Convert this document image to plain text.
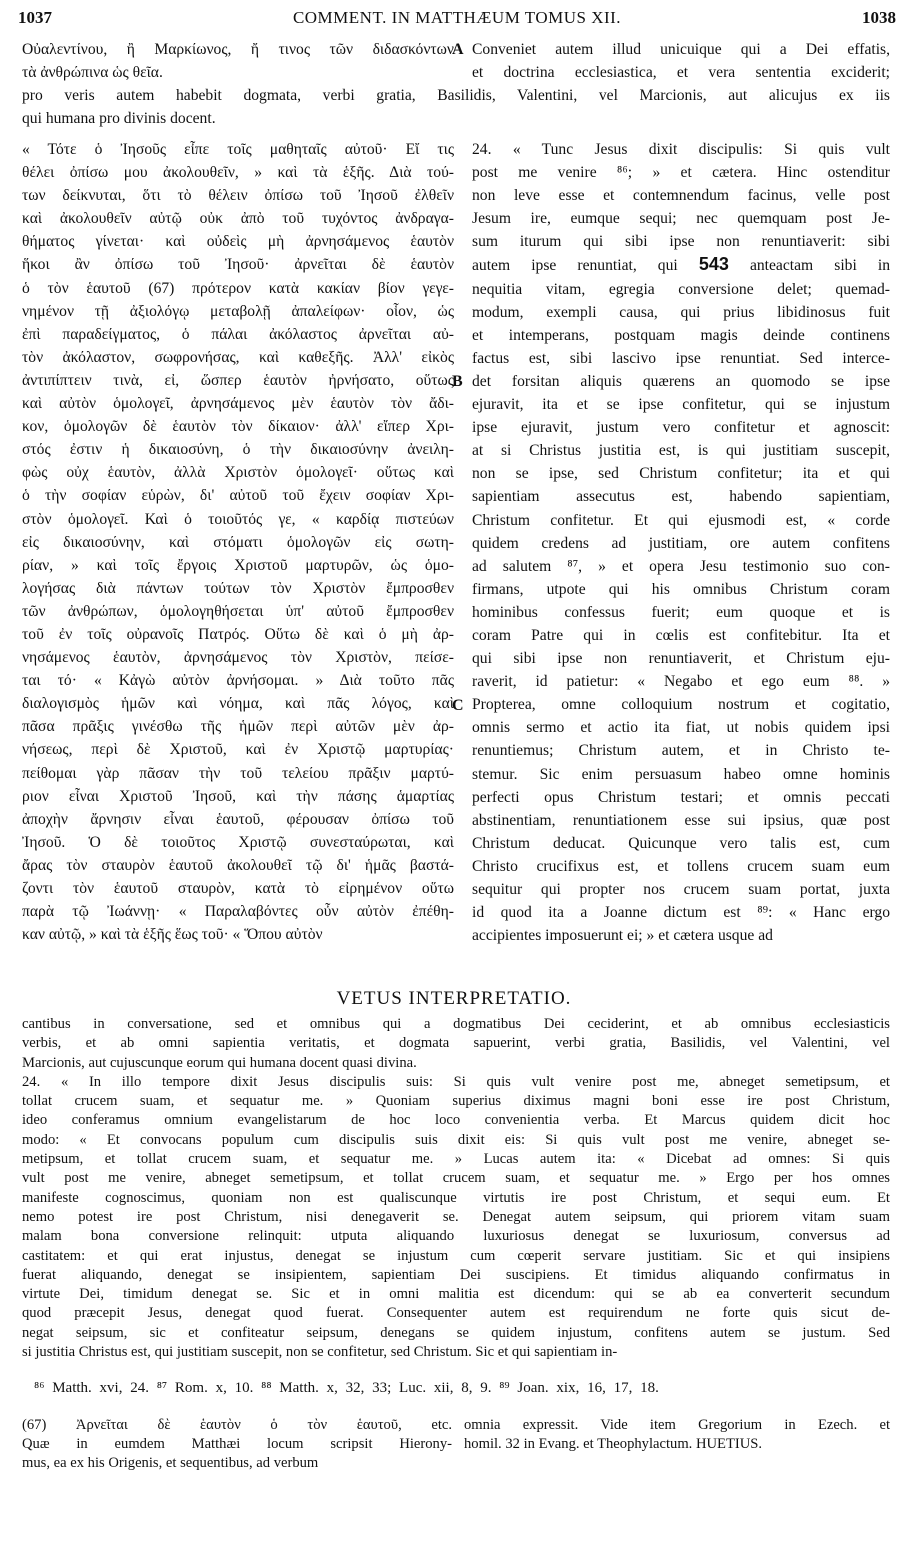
1037	COMMENT. IN MATTHÆUM TOMUS XII.	1038
A
B
C
Οὐαλεντίνου, ἢ Μαρκίωνος, ἤ τινος τῶν διδασκόντων
τὰ ἀνθρώπινα ὡς θεῖα.
Conveniet autem illud unicuique qui a Dei effatis,
et doctrina ecclesiastica, et vera sententia exciderit;
pro veris autem habebit dogmata, verbi gratia, Basilidis, Valentini, vel Marcionis, aut alicujus ex iis
qui humana pro divinis docent.
« Τότε ὁ Ἰησοῦς εἶπε τοῖς μαθηταῖς αὐτοῦ· Εἴ τις
θέλει ὀπίσω μου ἀκολουθεῖν, » καὶ τὰ ἑξῆς. Διὰ τού-
των δείκνυται, ὅτι τὸ θέλειν ὀπίσω τοῦ Ἰησοῦ ἐλθεῖν
καὶ ἀκολουθεῖν αὐτῷ οὐκ ἀπὸ τοῦ τυχόντος ἀνδραγα-
θήματος γίνεται· καὶ οὐδεὶς μὴ ἀρνησάμενος ἑαυτὸν
ἥκοι ἂν ὀπίσω τοῦ Ἰησοῦ· ἀρνεῖται δὲ ἑαυτὸν
ὁ τὸν ἑαυτοῦ (67) πρότερον κατὰ κακίαν βίον γεγε-
νημένον τῇ ἀξιολόγῳ μεταβολῇ ἀπαλείφων· οἷον, ὡς
ἐπὶ παραδείγματος, ὁ πάλαι ἀκόλαστος ἀρνεῖται αὐ-
τὸν ἀκόλαστον, σωφρονήσας, καὶ καθεξῆς. Ἀλλ' εἰκὸς
ἀντιπίπτειν τινὰ, εἰ, ὥσπερ ἑαυτὸν ἠρνήσατο, οὕτως
καὶ αὐτὸν ὁμολογεῖ, ἀρνησάμενος μὲν ἑαυτὸν τὸν ἄδι-
κον, ὁμολογῶν δὲ ἑαυτὸν τὸν δίκαιον· ἀλλ' εἴπερ Χρι-
στός ἐστιν ἡ δικαιοσύνη, ὁ τὴν δικαιοσύνην ἀνειλη-
φὼς οὐχ ἑαυτὸν, ἀλλὰ Χριστὸν ὁμολογεῖ· οὕτως καὶ
ὁ τὴν σοφίαν εὑρὼν, δι' αὐτοῦ τοῦ ἔχειν σοφίαν Χρι-
στὸν ὁμολογεῖ. Καὶ ὁ τοιοῦτός γε, « καρδίᾳ πιστεύων
εἰς δικαιοσύνην, καὶ στόματι ὁμολογῶν εἰς σωτη-
ρίαν, » καὶ τοῖς ἔργοις Χριστοῦ μαρτυρῶν, ὡς ὁμο-
λογήσας διὰ πάντων τούτων τὸν Χριστὸν ἔμπροσθεν
τῶν ἀνθρώπων, ὁμολογηθήσεται ὑπ' αὐτοῦ ἔμπροσθεν
τοῦ ἐν τοῖς οὐρανοῖς Πατρός. Οὕτω δὲ καὶ ὁ μὴ ἀρ-
νησάμενος ἑαυτὸν, ἀρνησάμενος τὸν Χριστὸν, πείσε-
ται τό· « Κἀγὼ αὐτὸν ἀρνήσομαι. » Διὰ τοῦτο πᾶς
διαλογισμὸς ἡμῶν καὶ νόημα, καὶ πᾶς λόγος, καὶ
πᾶσα πρᾶξις γινέσθω τῆς ἡμῶν περὶ αὐτῶν μὲν ἀρ-
νήσεως, περὶ δὲ Χριστοῦ, καὶ ἐν Χριστῷ μαρτυρίας·
πείθομαι γὰρ πᾶσαν τὴν τοῦ τελείου πρᾶξιν μαρτύ-
ριον εἶναι Χριστοῦ Ἰησοῦ, καὶ τὴν πάσης ἁμαρτίας
ἀποχὴν ἄρνησιν εἶναι ἑαυτοῦ, φέρουσαν ὀπίσω τοῦ
Ἰησοῦ. Ὁ δὲ τοιοῦτος Χριστῷ συνεσταύρωται, καὶ
ἄρας τὸν σταυρὸν ἑαυτοῦ ἀκολουθεῖ τῷ δι' ἡμᾶς βαστά-
ζοντι τὸν ἑαυτοῦ σταυρὸν, κατὰ τὸ εἰρημένον οὕτω
παρὰ τῷ Ἰωάννῃ· « Παραλαβόντες οὖν αὐτὸν ἐπέθη-
καν αὐτῷ, » καὶ τὰ ἑξῆς ἕως τοῦ· « Ὅπου αὐτὸν
24. « Tunc Jesus dixit discipulis: Si quis vult
post me venire ⁸⁶; » et cætera. Hinc ostenditur
non leve esse et contemnendum facinus, velle post
Jesum ire, eumque sequi; nec quemquam post Je-
sum iturum qui sibi ipse non renuntiaverit: sibi
autem ipse renuntiat, qui 543 anteactam sibi in
nequitia vitam, egregia conversione delet; quemad-
modum, exempli causa, qui prius libidinosus fuit
et intemperans, postquam magis deinde continens
factus est, sibi lascivo ipse renuntiat. Sed interce-
det forsitan aliquis quærens an quomodo se ipse
ejuravit, ita et se ipse confitetur, qui se injustum
ipse ejuravit, justum vero confitetur et agnoscit:
at si Christus justitia est, is qui justitiam suscepit,
non se ipse, sed Christum confitetur; ita et qui
sapientiam assecutus est, habendo sapientiam,
Christum confitetur. Et qui ejusmodi est, « corde
quidem credens ad justitiam, ore autem confitens
ad salutem ⁸⁷, » et opera Jesu testimonio suo con-
firmans, utpote qui his omnibus Christum coram
hominibus confessus fuerit; eum quoque et is
coram Patre qui in cœlis est confitebitur. Ita et
qui sibi ipse non renuntiaverit, et Christum eju-
raverit, id patietur: « Negabo et ego eum ⁸⁸. »
Propterea, omne colloquium nostrum et cogitatio,
omnis sermo et actio ita fiat, ut nobis quidem ipsi
renuntiemus; Christum autem, et in Christo te-
stemur. Sic enim persuasum habeo omne hominis
perfecti opus Christum testari; et omnis peccati
abstinentiam, renuntiationem esse sui ipsius, quæ post
Christum deducat. Quicunque vero talis est, cum
Christo crucifixus est, et tollens crucem suam eum
sequitur qui propter nos crucem suam portat, juxta
id quod ita a Joanne dictum est ⁸⁹: « Hanc ergo
accipientes imposuerunt ei; » et cætera usque ad
VETUS INTERPRETATIO.
cantibus in conversatione, sed et omnibus qui a dogmatibus Dei ceciderint, et ab omnibus ecclesiasticis
verbis, et ab omni sapientia veritatis, et dogmata sapuerint, verbi gratia, Basilidis, vel Valentini, vel
Marcionis, aut cujuscunque eorum qui humana docent quasi divina.
24. « In illo tempore dixit Jesus discipulis suis: Si quis vult venire post me, abneget semetipsum, et
tollat crucem suam, et sequatur me. » Quoniam superius diximus magni boni esse ire post Christum,
ideo conferamus omnium evangelistarum de hoc loco convenientia verba. Et Marcus quidem dicit hoc
modo: « Et convocans populum cum discipulis suis dixit eis: Si quis vult post me venire, abneget se-
metipsum, et tollat crucem suam, et sequatur me. » Lucas autem ita: « Dicebat ad omnes: Si quis
vult post me venire, abneget semetipsum, et tollat crucem suam, et sequatur me. » Ergo per hos omnes
manifeste cognoscimus, quoniam non est qualiscunque virtutis ire post Christum, et sequi eum. Et
nemo potest ire post Christum, nisi denegaverit se. Denegat autem seipsum, qui priorem vitam suam
malam bona conversione relinquit: utputa aliquando luxuriosus denegat se luxuriosum, conversus ad
castitatem: et qui erat injustus, denegat se injustum cum cœperit servare justitiam. Sic et qui insipiens
fuerat aliquando, denegat se insipientem, sapientiam Dei suscipiens. Et timidus aliquando confirmatus in
virtute Dei, timidum denegat se. Sic et in omni malitia est dicendum: qui se ab ea converterit secundum
quod præcepit Jesus, denegat quod fuerat. Consequenter autem est requirendum ne forte quis sicut de-
negat seipsum, sic et confiteatur seipsum, denegans se quidem injustum, confitens autem se justum. Sed
si justitia Christus est, qui justitiam suscepit, non se confitetur, sed Christum. Sic et qui sapientiam in-
⁸⁶ Matth. xvi, 24. ⁸⁷ Rom. x, 10. ⁸⁸ Matth. x, 32, 33; Luc. xii, 8, 9. ⁸⁹ Joan. xix, 16, 17, 18.
(67) Ἀρνεῖται δὲ ἑαυτὸν ὁ τὸν ἑαυτοῦ, etc.
Quæ in eumdem Matthæi locum scripsit Hierony-
mus, ea ex his Origenis, et sequentibus, ad verbum
omnia expressit. Vide item Gregorium in Ezech. et
homil. 32 in Evang. et Theophylactum. HUETIUS.
